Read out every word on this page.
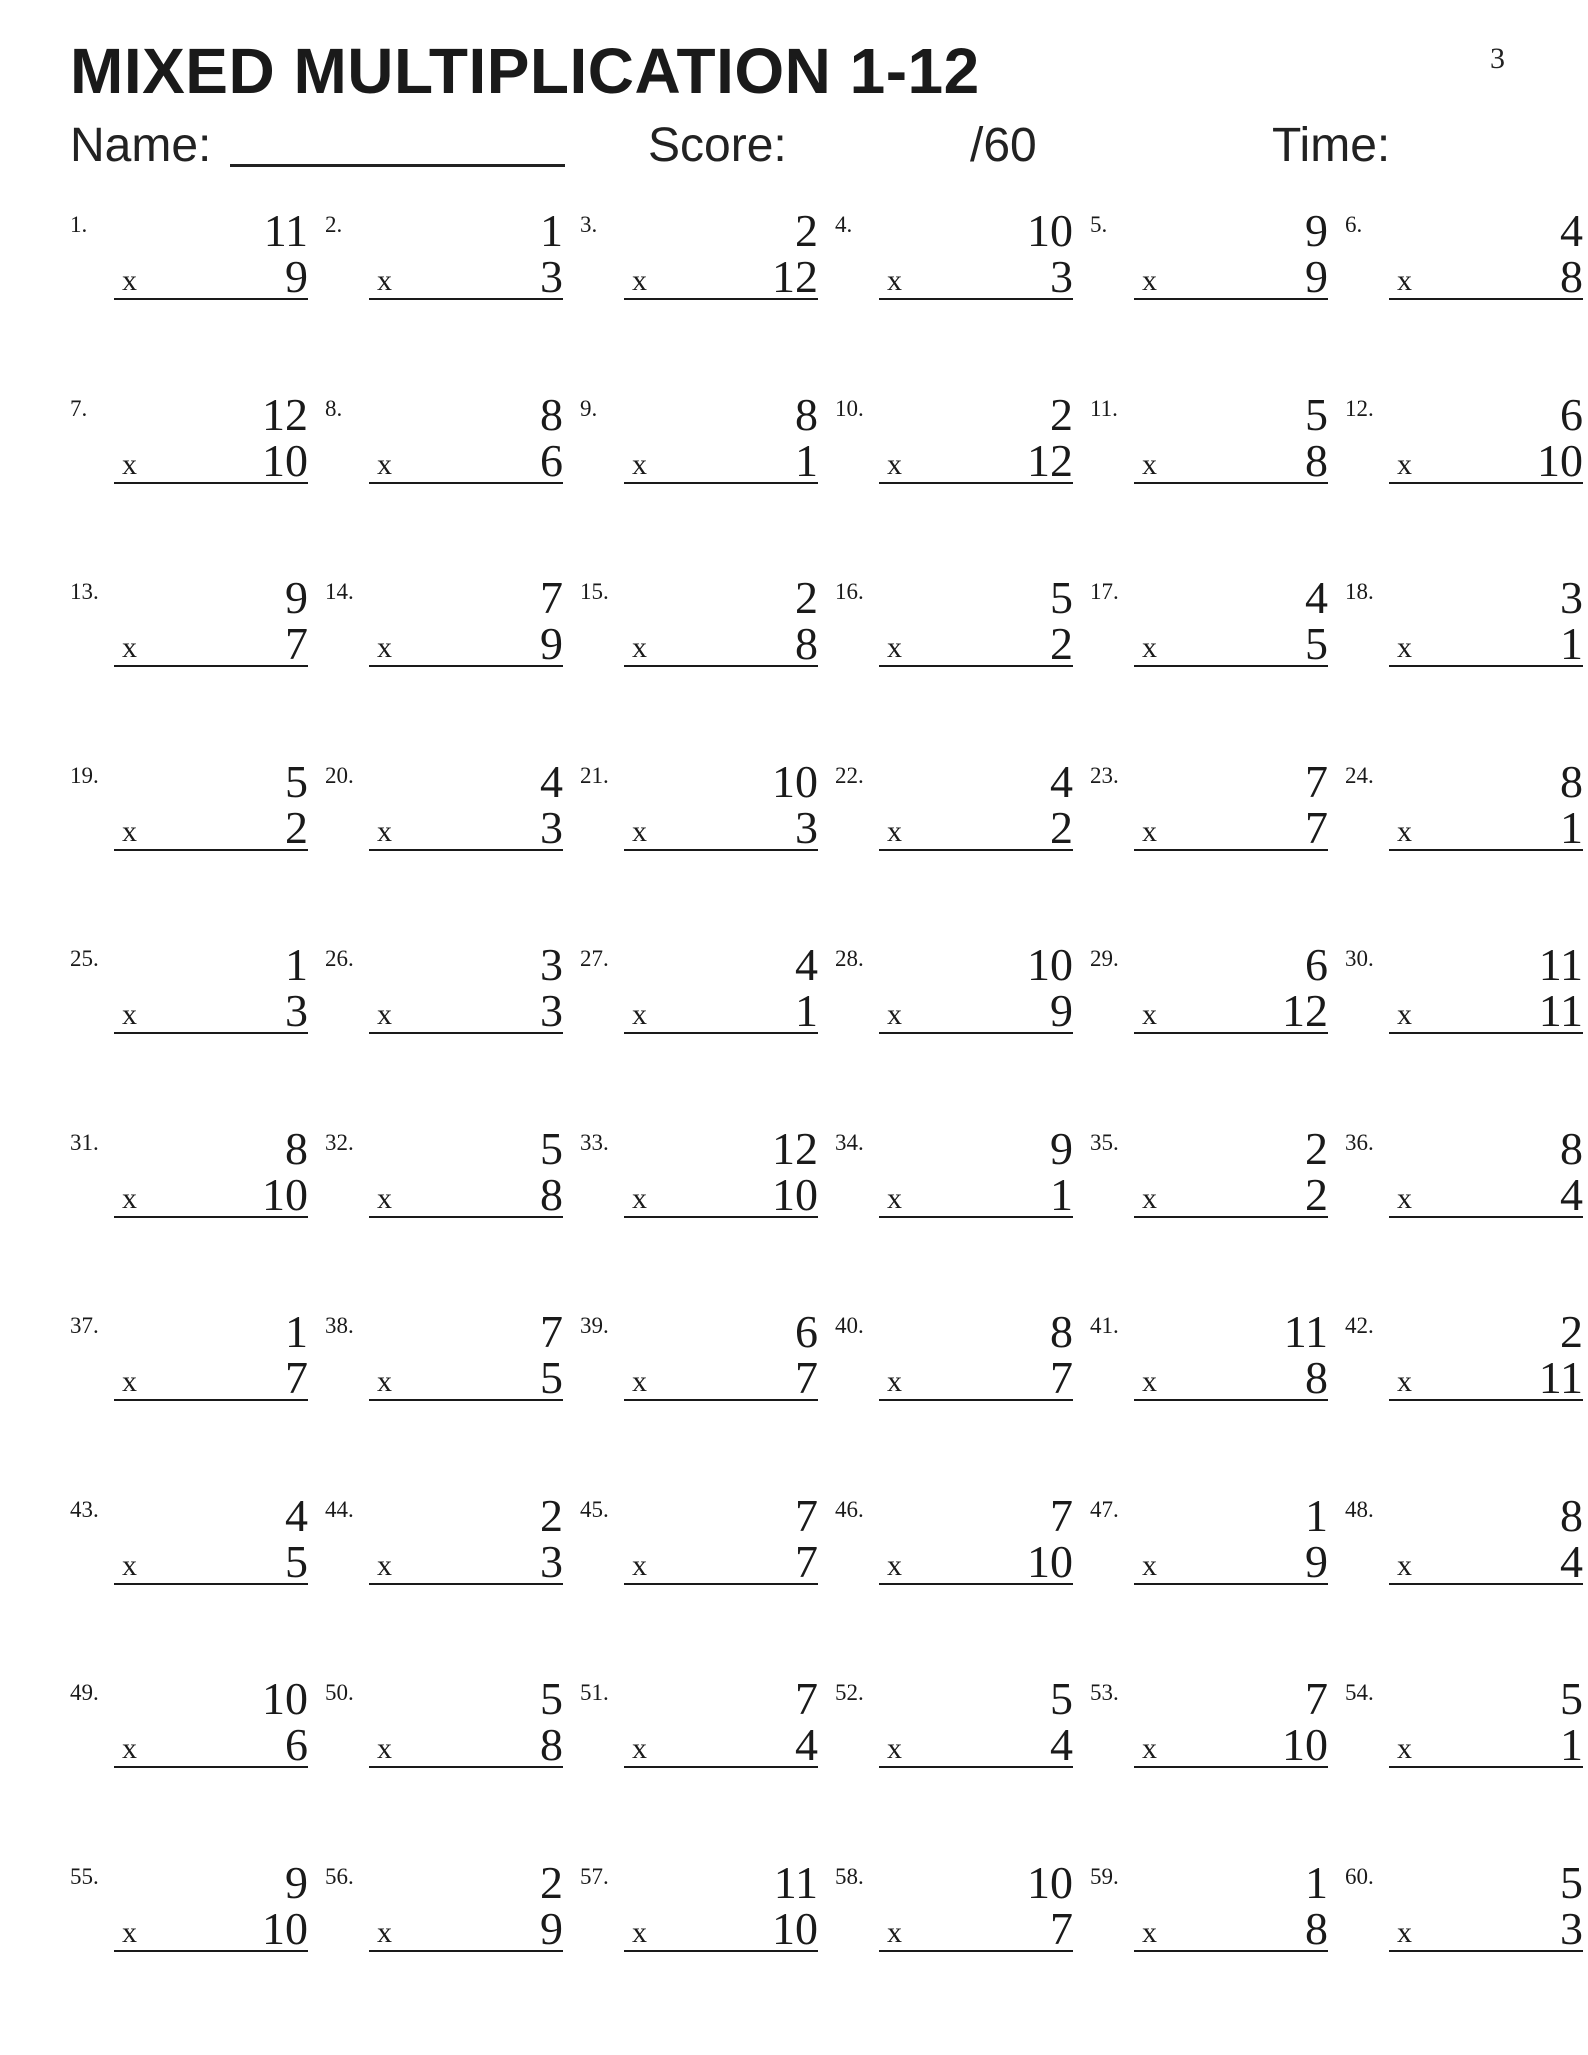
3
MIXED MULTIPLICATION 1-12
Name:	Score:	/60	Time:
1.	11
x	9
2.	1
x	3
3.	2
x	12
4.	10
x	3
5.	9
x	9
6.	4
x	8
7.	12
x	10
8.	8
x	6
9.	8
x	1
10.	2
x	12
11.	5
x	8
12.	6
x	10
13.	9
x	7
14.	7
x	9
15.	2
x	8
16.	5
x	2
17.	4
x	5
18.	3
x	1
19.	5
x	2
20.	4
x	3
21.	10
x	3
22.	4
x	2
23.	7
x	7
24.	8
x	1
25.	1
x	3
26.	3
x	3
27.	4
x	1
28.	10
x	9
29.	6
x	12
30.	11
x	11
31.	8
x	10
32.	5
x	8
33.	12
x	10
34.	9
x	1
35.	2
x	2
36.	8
x	4
37.	1
x	7
38.	7
x	5
39.	6
x	7
40.	8
x	7
41.	11
x	8
42.	2
x	11
43.	4
x	5
44.	2
x	3
45.	7
x	7
46.	7
x	10
47.	1
x	9
48.	8
x	4
49.	10
x	6
50.	5
x	8
51.	7
x	4
52.	5
x	4
53.	7
x	10
54.	5
x	1
55.	9
x	10
56.	2
x	9
57.	11
x	10
58.	10
x	7
59.	1
x	8
60.	5
x	3
